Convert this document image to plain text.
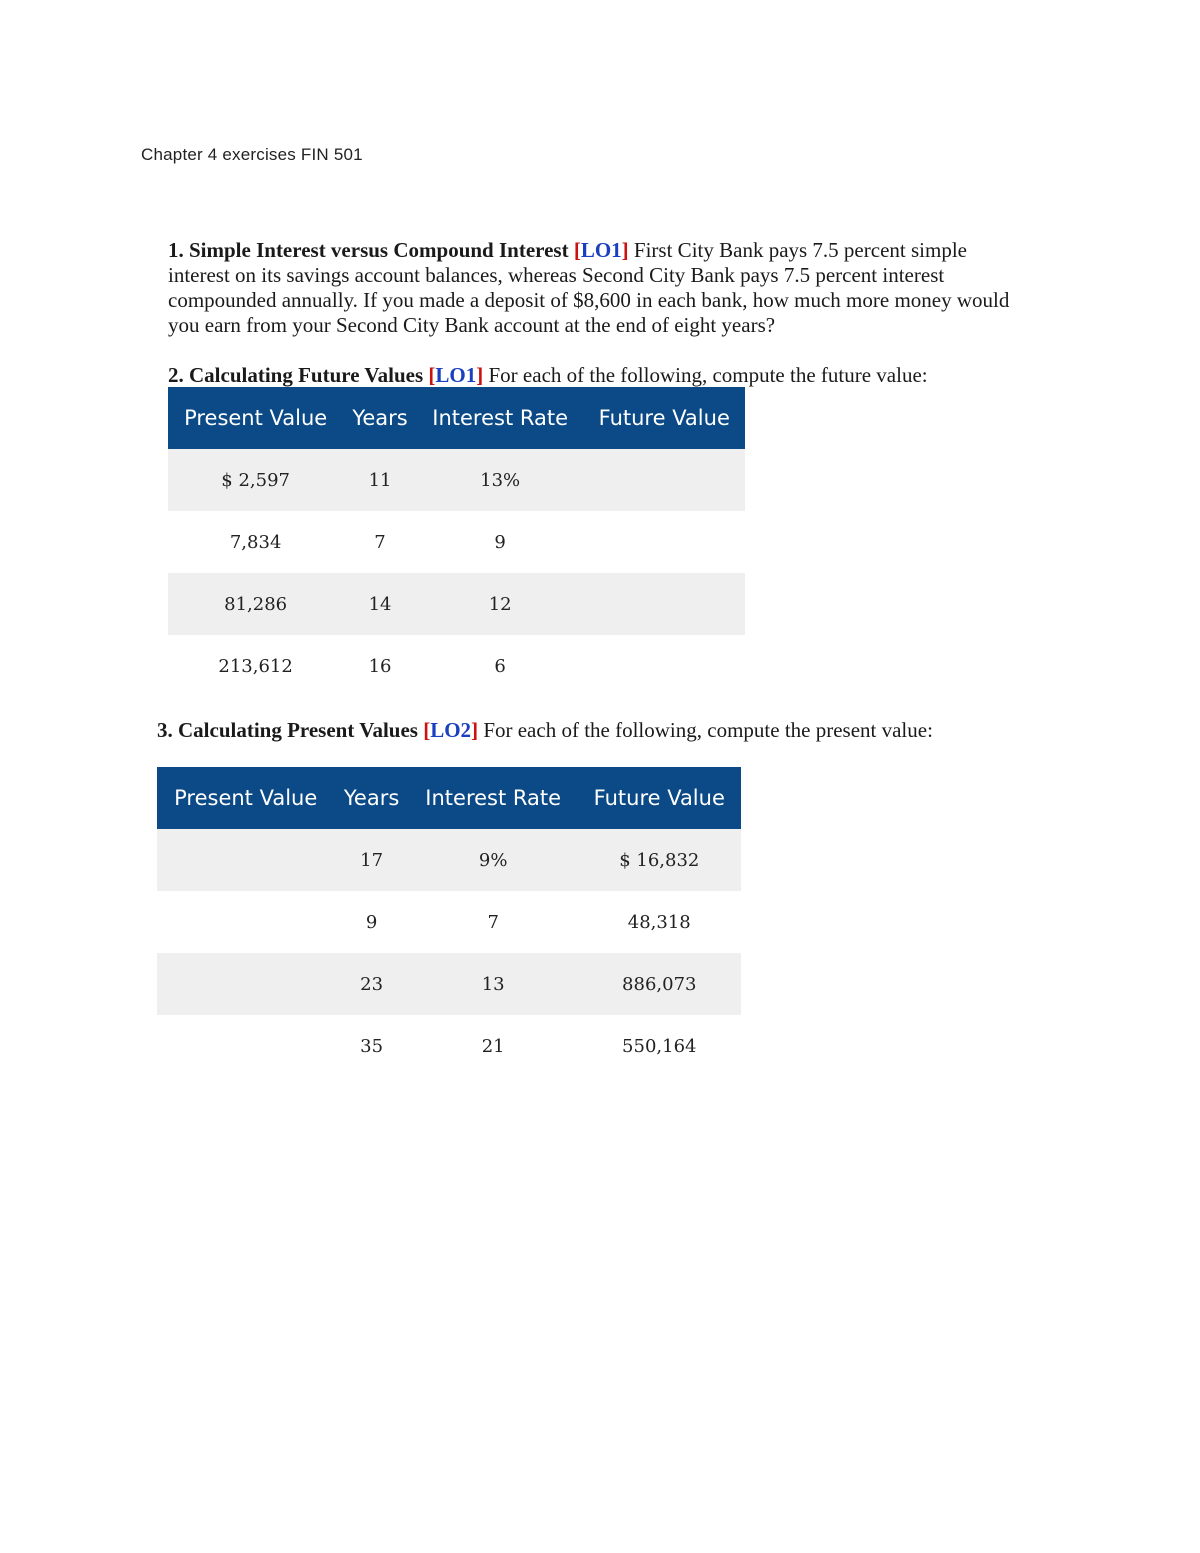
Chapter 4 exercises FIN 501
1. Simple Interest versus Compound Interest [LO1] First City Bank pays 7.5 percent simple interest on its savings account balances, whereas Second City Bank pays 7.5 percent interest compounded annually. If you made a deposit of $8,600 in each bank, how much more money would you earn from your Second City Bank account at the end of eight years?
2. Calculating Future Values [LO1] For each of the following, compute the future value:
Present Value	Years	Interest Rate	Future Value
$ 2,597	11	13%	
7,834	7	9	
81,286	14	12	
213,612	16	6	
3. Calculating Present Values [LO2] For each of the following, compute the present value:
Present Value	Years	Interest Rate	Future Value
	17	9%	$ 16,832
	9	7	48,318
	23	13	886,073
	35	21	550,164
